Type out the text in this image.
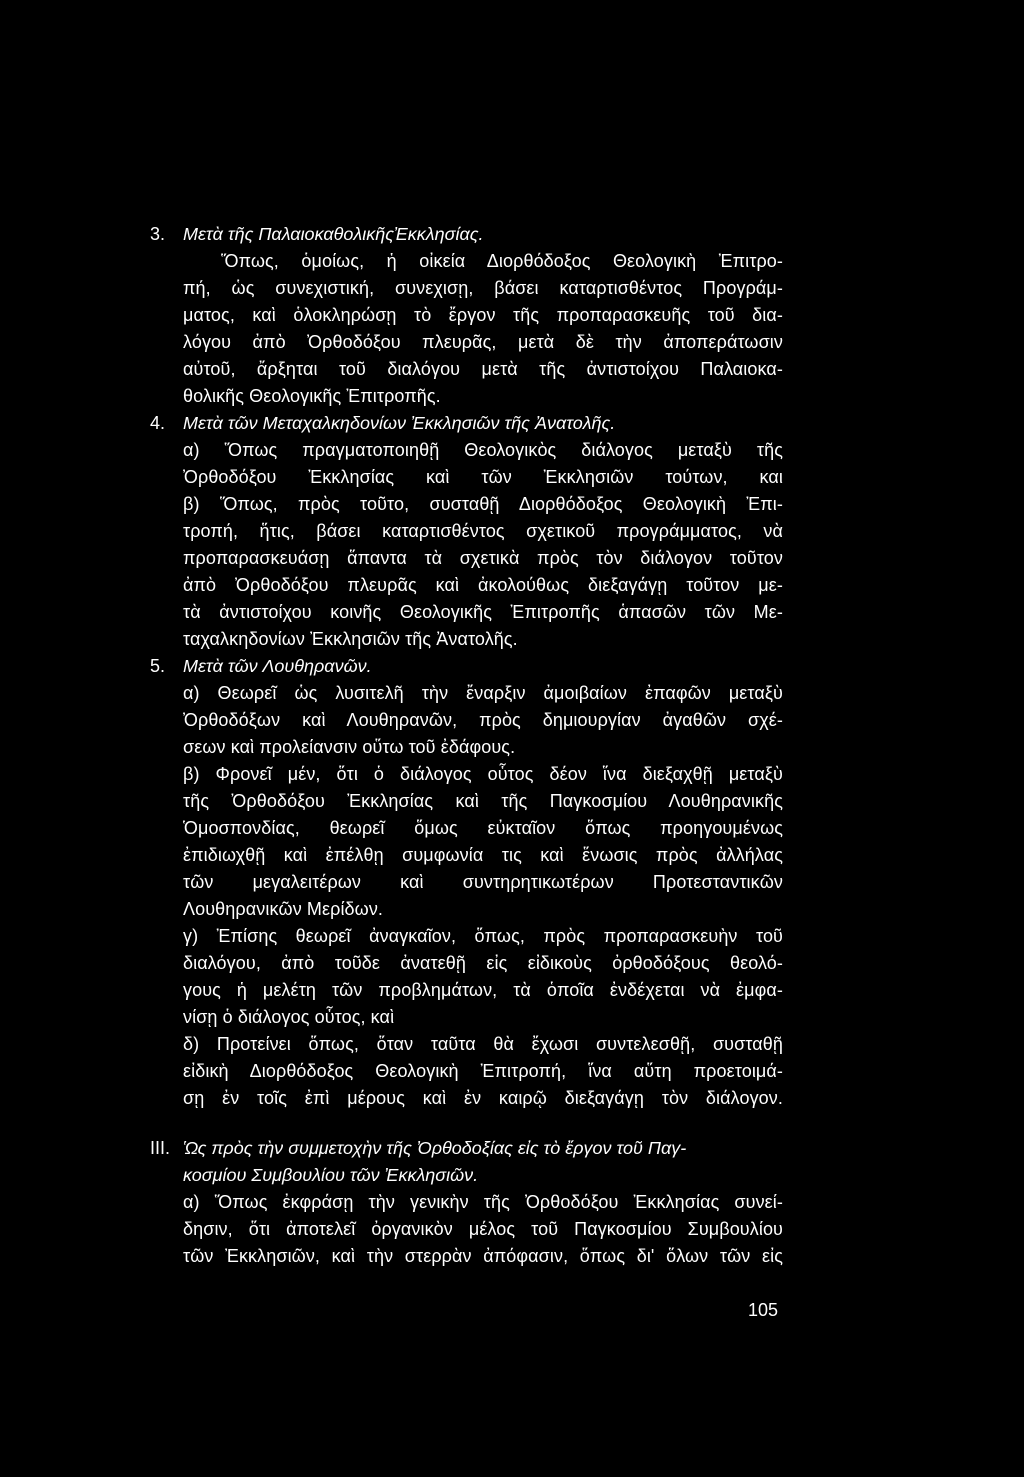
3. Μετὰ τῆς ΠαλαιοκαθολικῆςἘκκλησίας.
Ὅπως, ὁμοίως, ἡ οἰκεία Διορθόδοξος Θεολογικὴ Ἐπιτρο-
πή, ὡς συνεχιστική, συνεχισῃ, βάσει καταρτισθέντος Προγράμ-
ματος, καὶ ὁλοκληρώσῃ τὸ ἔργον τῆς προπαρασκευῆς τοῦ δια-
λόγου ἀπὸ Ὀρθοδόξου πλευρᾶς, μετὰ δὲ τὴν ἀποπεράτωσιν
αὐτοῦ, ἄρξηται τοῦ διαλόγου μετὰ τῆς ἀντιστοίχου Παλαιοκα-
θολικῆς Θεολογικῆς Ἐπιτροπῆς.
4. Μετὰ τῶν Μεταχαλκηδονίων Ἐκκλησιῶν τῆς Ἀνατολῆς.
α) Ὅπως πραγματοποιηθῇ Θεολογικὸς διάλογος μεταξὺ τῆς
Ὀρθοδόξου Ἐκκλησίας καὶ τῶν Ἐκκλησιῶν τούτων, και
β) Ὅπως, πρὸς τοῦτο, συσταθῇ Διορθόδοξος Θεολογικὴ Ἐπι-
τροπή, ἥτις, βάσει καταρτισθέντος σχετικοῦ προγράμματος, νὰ
προπαρασκευάσῃ ἅπαντα τὰ σχετικὰ πρὸς τὸν διάλογον τοῦτον
ἀπὸ Ὀρθοδόξου πλευρᾶς καὶ ἀκολούθως διεξαγάγῃ τοῦτον με-
τὰ ἀντιστοίχου κοινῆς Θεολογικῆς Ἐπιτροπῆς ἁπασῶν τῶν Με-
ταχαλκηδονίων Ἐκκλησιῶν τῆς Ἀνατολῆς.
5. Μετὰ τῶν Λουθηρανῶν.
α) Θεωρεῖ ὡς λυσιτελῆ τὴν ἔναρξιν ἀμοιβαίων ἐπαφῶν μεταξὺ
Ὀρθοδόξων καὶ Λουθηρανῶν, πρὸς δημιουργίαν ἀγαθῶν σχέ-
σεων καὶ προλείανσιν οὕτω τοῦ ἐδάφους.
β) Φρονεῖ μέν, ὅτι ὁ διάλογος οὗτος δέον ἵνα διεξαχθῇ μεταξὺ
τῆς Ὀρθοδόξου Ἐκκλησίας καὶ τῆς Παγκοσμίου Λουθηρανικῆς
Ὁμοσπονδίας, θεωρεῖ ὅμως εὐκταῖον ὅπως προηγουμένως
ἐπιδιωχθῇ καὶ ἐπέλθῃ συμφωνία τις καὶ ἕνωσις πρὸς ἀλλήλας
τῶν μεγαλειτέρων καὶ συντηρητικωτέρων Προτεσταντικῶν
Λουθηρανικῶν Μερίδων.
γ) Ἐπίσης θεωρεῖ ἀναγκαῖον, ὅπως, πρὸς προπαρασκευὴν τοῦ
διαλόγου, ἀπὸ τοῦδε ἀνατεθῇ εἰς εἰδικοὺς ὀρθοδόξους θεολό-
γους ἡ μελέτη τῶν προβλημάτων, τὰ ὁποῖα ἐνδέχεται νὰ ἐμφα-
νίσῃ ὁ διάλογος οὗτος, καὶ
δ) Προτείνει ὅπως, ὅταν ταῦτα θὰ ἔχωσι συντελεσθῇ, συσταθῇ
εἰδικὴ Διορθόδοξος Θεολογικὴ Ἐπιτροπή, ἵνα αὕτη προετοιμά-
σῃ ἐν τοῖς ἐπὶ μέρους καὶ ἐν καιρῷ διεξαγάγῃ τὸν διάλογον.
III. Ὡς πρὸς τὴν συμμετοχὴν τῆς Ὀρθοδοξίας εἰς τὸ ἔργον τοῦ Παγ-
κοσμίου Συμβουλίου τῶν Ἐκκλησιῶν.
α) Ὅπως ἐκφράσῃ τὴν γενικὴν τῆς Ὀρθοδόξου Ἐκκλησίας συνεί-
δησιν, ὅτι ἀποτελεῖ ὀργανικὸν μέλος τοῦ Παγκοσμίου Συμβουλίου
τῶν Ἐκκλησιῶν, καὶ τὴν στερρὰν ἀπόφασιν, ὅπως δι' ὅλων τῶν εἰς
105
